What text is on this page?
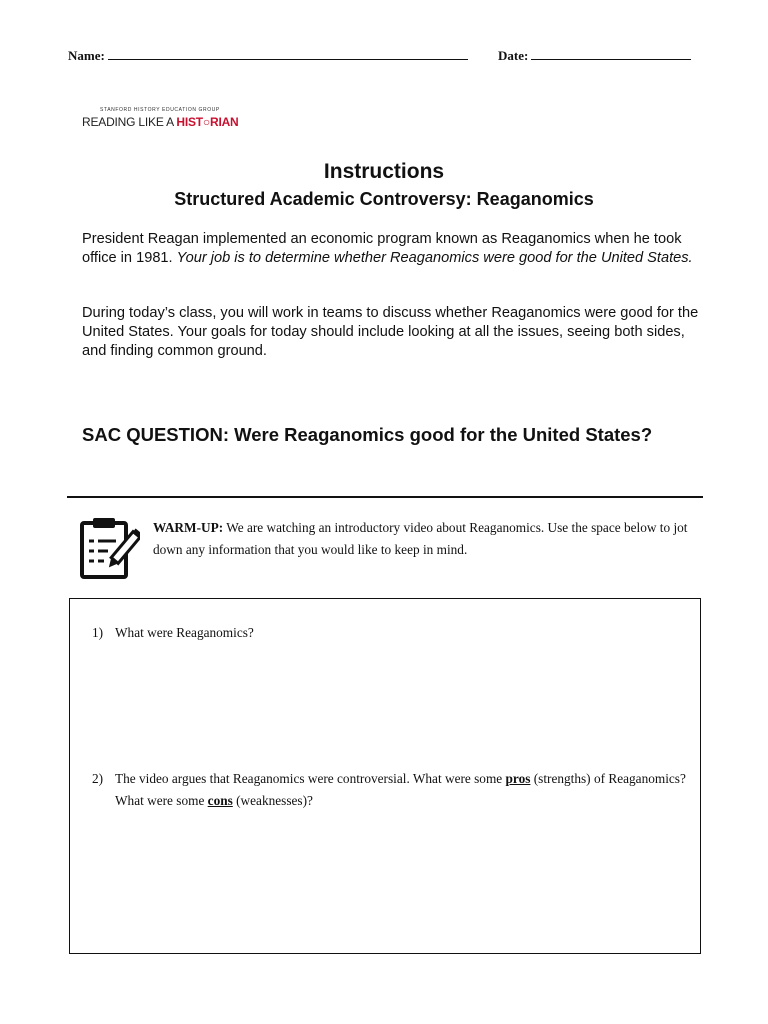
Name:	Date:
STANFORD HISTORY EDUCATION GROUP
READING LIKE A HIST○RIAN
Instructions
Structured Academic Controversy: Reaganomics
President Reagan implemented an economic program known as Reaganomics when he took office in 1981. Your job is to determine whether Reaganomics were good for the United States.
During today’s class, you will work in teams to discuss whether Reaganomics were good for the United States. Your goals for today should include looking at all the issues, seeing both sides, and finding common ground.
SAC QUESTION: Were Reaganomics good for the United States?
WARM-UP: We are watching an introductory video about Reaganomics. Use the space below to jot down any information that you would like to keep in mind.
1) What were Reaganomics?
2) The video argues that Reaganomics were controversial. What were some pros (strengths) of Reaganomics? What were some cons (weaknesses)?
